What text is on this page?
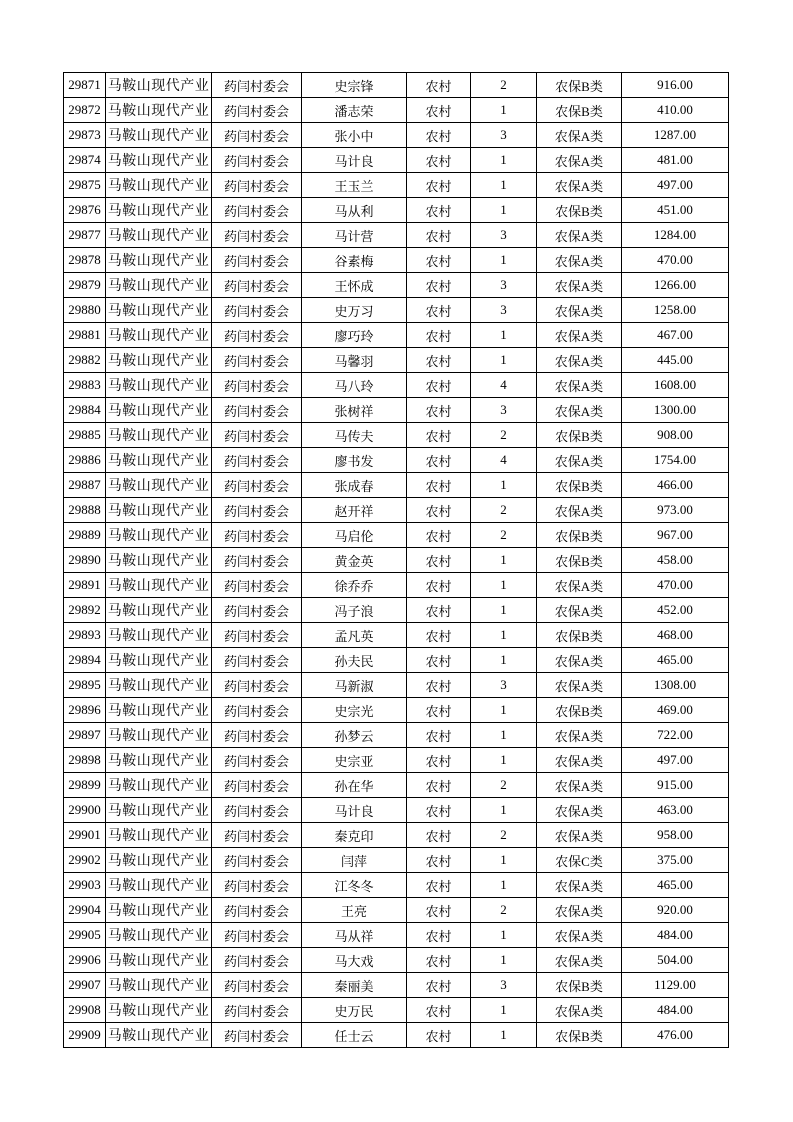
29871	马鞍山现代产业	药闫村委会	史宗锋	农村	2	农保B类	916.00
29872	马鞍山现代产业	药闫村委会	潘志荣	农村	1	农保B类	410.00
29873	马鞍山现代产业	药闫村委会	张小中	农村	3	农保A类	1287.00
29874	马鞍山现代产业	药闫村委会	马计良	农村	1	农保A类	481.00
29875	马鞍山现代产业	药闫村委会	王玉兰	农村	1	农保A类	497.00
29876	马鞍山现代产业	药闫村委会	马从利	农村	1	农保B类	451.00
29877	马鞍山现代产业	药闫村委会	马计营	农村	3	农保A类	1284.00
29878	马鞍山现代产业	药闫村委会	谷素梅	农村	1	农保A类	470.00
29879	马鞍山现代产业	药闫村委会	王怀成	农村	3	农保A类	1266.00
29880	马鞍山现代产业	药闫村委会	史万习	农村	3	农保A类	1258.00
29881	马鞍山现代产业	药闫村委会	廖巧玲	农村	1	农保A类	467.00
29882	马鞍山现代产业	药闫村委会	马馨羽	农村	1	农保A类	445.00
29883	马鞍山现代产业	药闫村委会	马八玲	农村	4	农保A类	1608.00
29884	马鞍山现代产业	药闫村委会	张树祥	农村	3	农保A类	1300.00
29885	马鞍山现代产业	药闫村委会	马传夫	农村	2	农保B类	908.00
29886	马鞍山现代产业	药闫村委会	廖书发	农村	4	农保A类	1754.00
29887	马鞍山现代产业	药闫村委会	张成春	农村	1	农保B类	466.00
29888	马鞍山现代产业	药闫村委会	赵开祥	农村	2	农保A类	973.00
29889	马鞍山现代产业	药闫村委会	马启伦	农村	2	农保B类	967.00
29890	马鞍山现代产业	药闫村委会	黄金英	农村	1	农保B类	458.00
29891	马鞍山现代产业	药闫村委会	徐乔乔	农村	1	农保A类	470.00
29892	马鞍山现代产业	药闫村委会	冯子浪	农村	1	农保A类	452.00
29893	马鞍山现代产业	药闫村委会	孟凡英	农村	1	农保B类	468.00
29894	马鞍山现代产业	药闫村委会	孙夫民	农村	1	农保A类	465.00
29895	马鞍山现代产业	药闫村委会	马新淑	农村	3	农保A类	1308.00
29896	马鞍山现代产业	药闫村委会	史宗光	农村	1	农保B类	469.00
29897	马鞍山现代产业	药闫村委会	孙梦云	农村	1	农保A类	722.00
29898	马鞍山现代产业	药闫村委会	史宗亚	农村	1	农保A类	497.00
29899	马鞍山现代产业	药闫村委会	孙在华	农村	2	农保A类	915.00
29900	马鞍山现代产业	药闫村委会	马计良	农村	1	农保A类	463.00
29901	马鞍山现代产业	药闫村委会	秦克印	农村	2	农保A类	958.00
29902	马鞍山现代产业	药闫村委会	闫萍	农村	1	农保C类	375.00
29903	马鞍山现代产业	药闫村委会	江冬冬	农村	1	农保A类	465.00
29904	马鞍山现代产业	药闫村委会	王亮	农村	2	农保A类	920.00
29905	马鞍山现代产业	药闫村委会	马从祥	农村	1	农保A类	484.00
29906	马鞍山现代产业	药闫村委会	马大戏	农村	1	农保A类	504.00
29907	马鞍山现代产业	药闫村委会	秦丽美	农村	3	农保B类	1129.00
29908	马鞍山现代产业	药闫村委会	史万民	农村	1	农保A类	484.00
29909	马鞍山现代产业	药闫村委会	任士云	农村	1	农保B类	476.00
